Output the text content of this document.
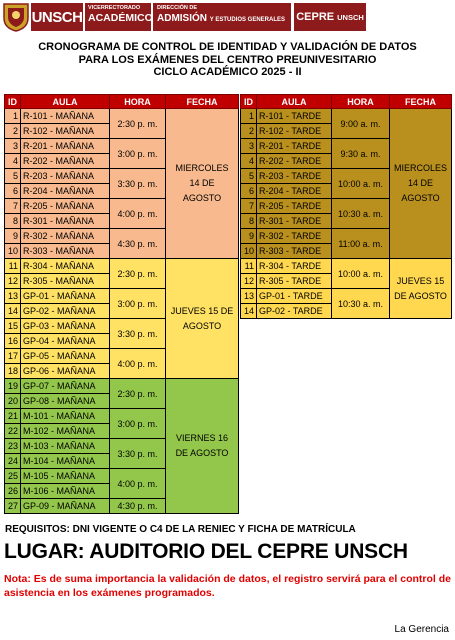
UNSCH
VICERRECTORADO
ACADÉMICO
DIRECCIÓN DE
ADMISIÓN Y ESTUDIOS GENERALES CEPRE UNSCH
CRONOGRAMA DE CONTROL DE IDENTIDAD Y VALIDACIÓN DE DATOS
PARA LOS EXÁMENES DEL CENTRO PREUNIVESITARIO
CICLO ACADÉMICO 2025 - II
ID	AULA	HORA	FECHA
1	R-101 - MAÑANA	2:30 p. m.	MIERCOLES 14 DE AGOSTO
2	R-102 - MAÑANA		
3	R-201 - MAÑANA	3:00 p. m.	
4	R-202 - MAÑANA		
5	R-203 - MAÑANA	3:30 p. m.	
6	R-204 - MAÑANA		
7	R-205 - MAÑANA	4:00 p. m.	
8	R-301 - MAÑANA		
9	R-302 - MAÑANA	4:30 p. m.	
10	R-303 - MAÑANA		
11	R-304 - MAÑANA	2:30 p. m.	JUEVES 15 DE AGOSTO
12	R-305 - MAÑANA		
13	GP-01 - MAÑANA	3:00 p. m.	
14	GP-02 - MAÑANA		
15	GP-03 - MAÑANA	3:30 p. m.	
16	GP-04 - MAÑANA		
17	GP-05 - MAÑANA	4:00 p. m.	
18	GP-06 - MAÑANA		
19	GP-07 - MAÑANA	2:30 p. m.	VIERNES 16 DE AGOSTO
20	GP-08 - MAÑANA		
21	M-101 - MAÑANA	3:00 p. m.	
22	M-102 - MAÑANA		
23	M-103 - MAÑANA	3:30 p. m.	
24	M-104 - MAÑANA		
25	M-105 - MAÑANA	4:00 p. m.	
26	M-106 - MAÑANA		
27	GP-09 - MAÑANA	4:30 p. m.	
ID	AULA	HORA	FECHA
1	R-101 - TARDE	9:00 a. m.	MIERCOLES 14 DE AGOSTO
2	R-102 - TARDE		
3	R-201 - TARDE	9:30 a. m.	
4	R-202 - TARDE		
5	R-203 - TARDE	10:00 a. m.	
6	R-204 - TARDE		
7	R-205 - TARDE	10:30 a. m.	
8	R-301 - TARDE		
9	R-302 - TARDE	11:00 a. m.	
10	R-303 - TARDE		
11	R-304 - TARDE	10:00 a. m.	JUEVES 15 DE AGOSTO
12	R-305 - TARDE		
13	GP-01 - TARDE	10:30 a. m.	
14	GP-02 - TARDE		
REQUISITOS: DNI VIGENTE O C4 DE LA RENIEC Y FICHA DE MATRÍCULA
LUGAR: AUDITORIO DEL CEPRE UNSCH
Nota: Es de suma importancia la validación de datos, el registro servirá para el control de asistencia en los exámenes programados.
La Gerencia
